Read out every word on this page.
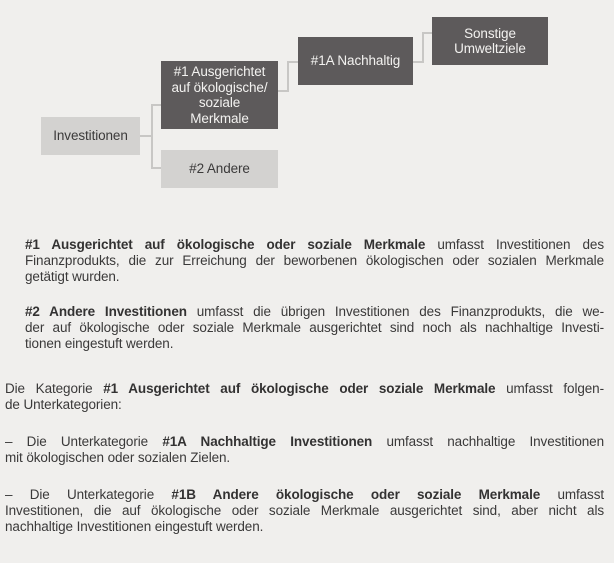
Investitionen
#1 Ausgerichtet
auf ökologische/
soziale
Merkmale
#2 Andere
#1A Nachhaltig
Sonstige
Umweltziele
#1 Ausgerichtet auf ökologische oder soziale Merkmale umfasst Investitionen des
Finanzprodukts, die zur Erreichung der beworbenen ökologischen oder sozialen Merkmale
getätigt wurden.
#2 Andere Investitionen umfasst die übrigen Investitionen des Finanzprodukts, die we-
der auf ökologische oder soziale Merkmale ausgerichtet sind noch als nachhaltige Investi-
tionen eingestuft werden.
Die Kategorie #1 Ausgerichtet auf ökologische oder soziale Merkmale umfasst folgen-
de Unterkategorien:
– Die Unterkategorie #1A Nachhaltige Investitionen umfasst nachhaltige Investitionen
mit ökologischen oder sozialen Zielen.
– Die Unterkategorie #1B Andere ökologische oder soziale Merkmale umfasst
Investitionen, die auf ökologische oder soziale Merkmale ausgerichtet sind, aber nicht als
nachhaltige Investitionen eingestuft werden.
